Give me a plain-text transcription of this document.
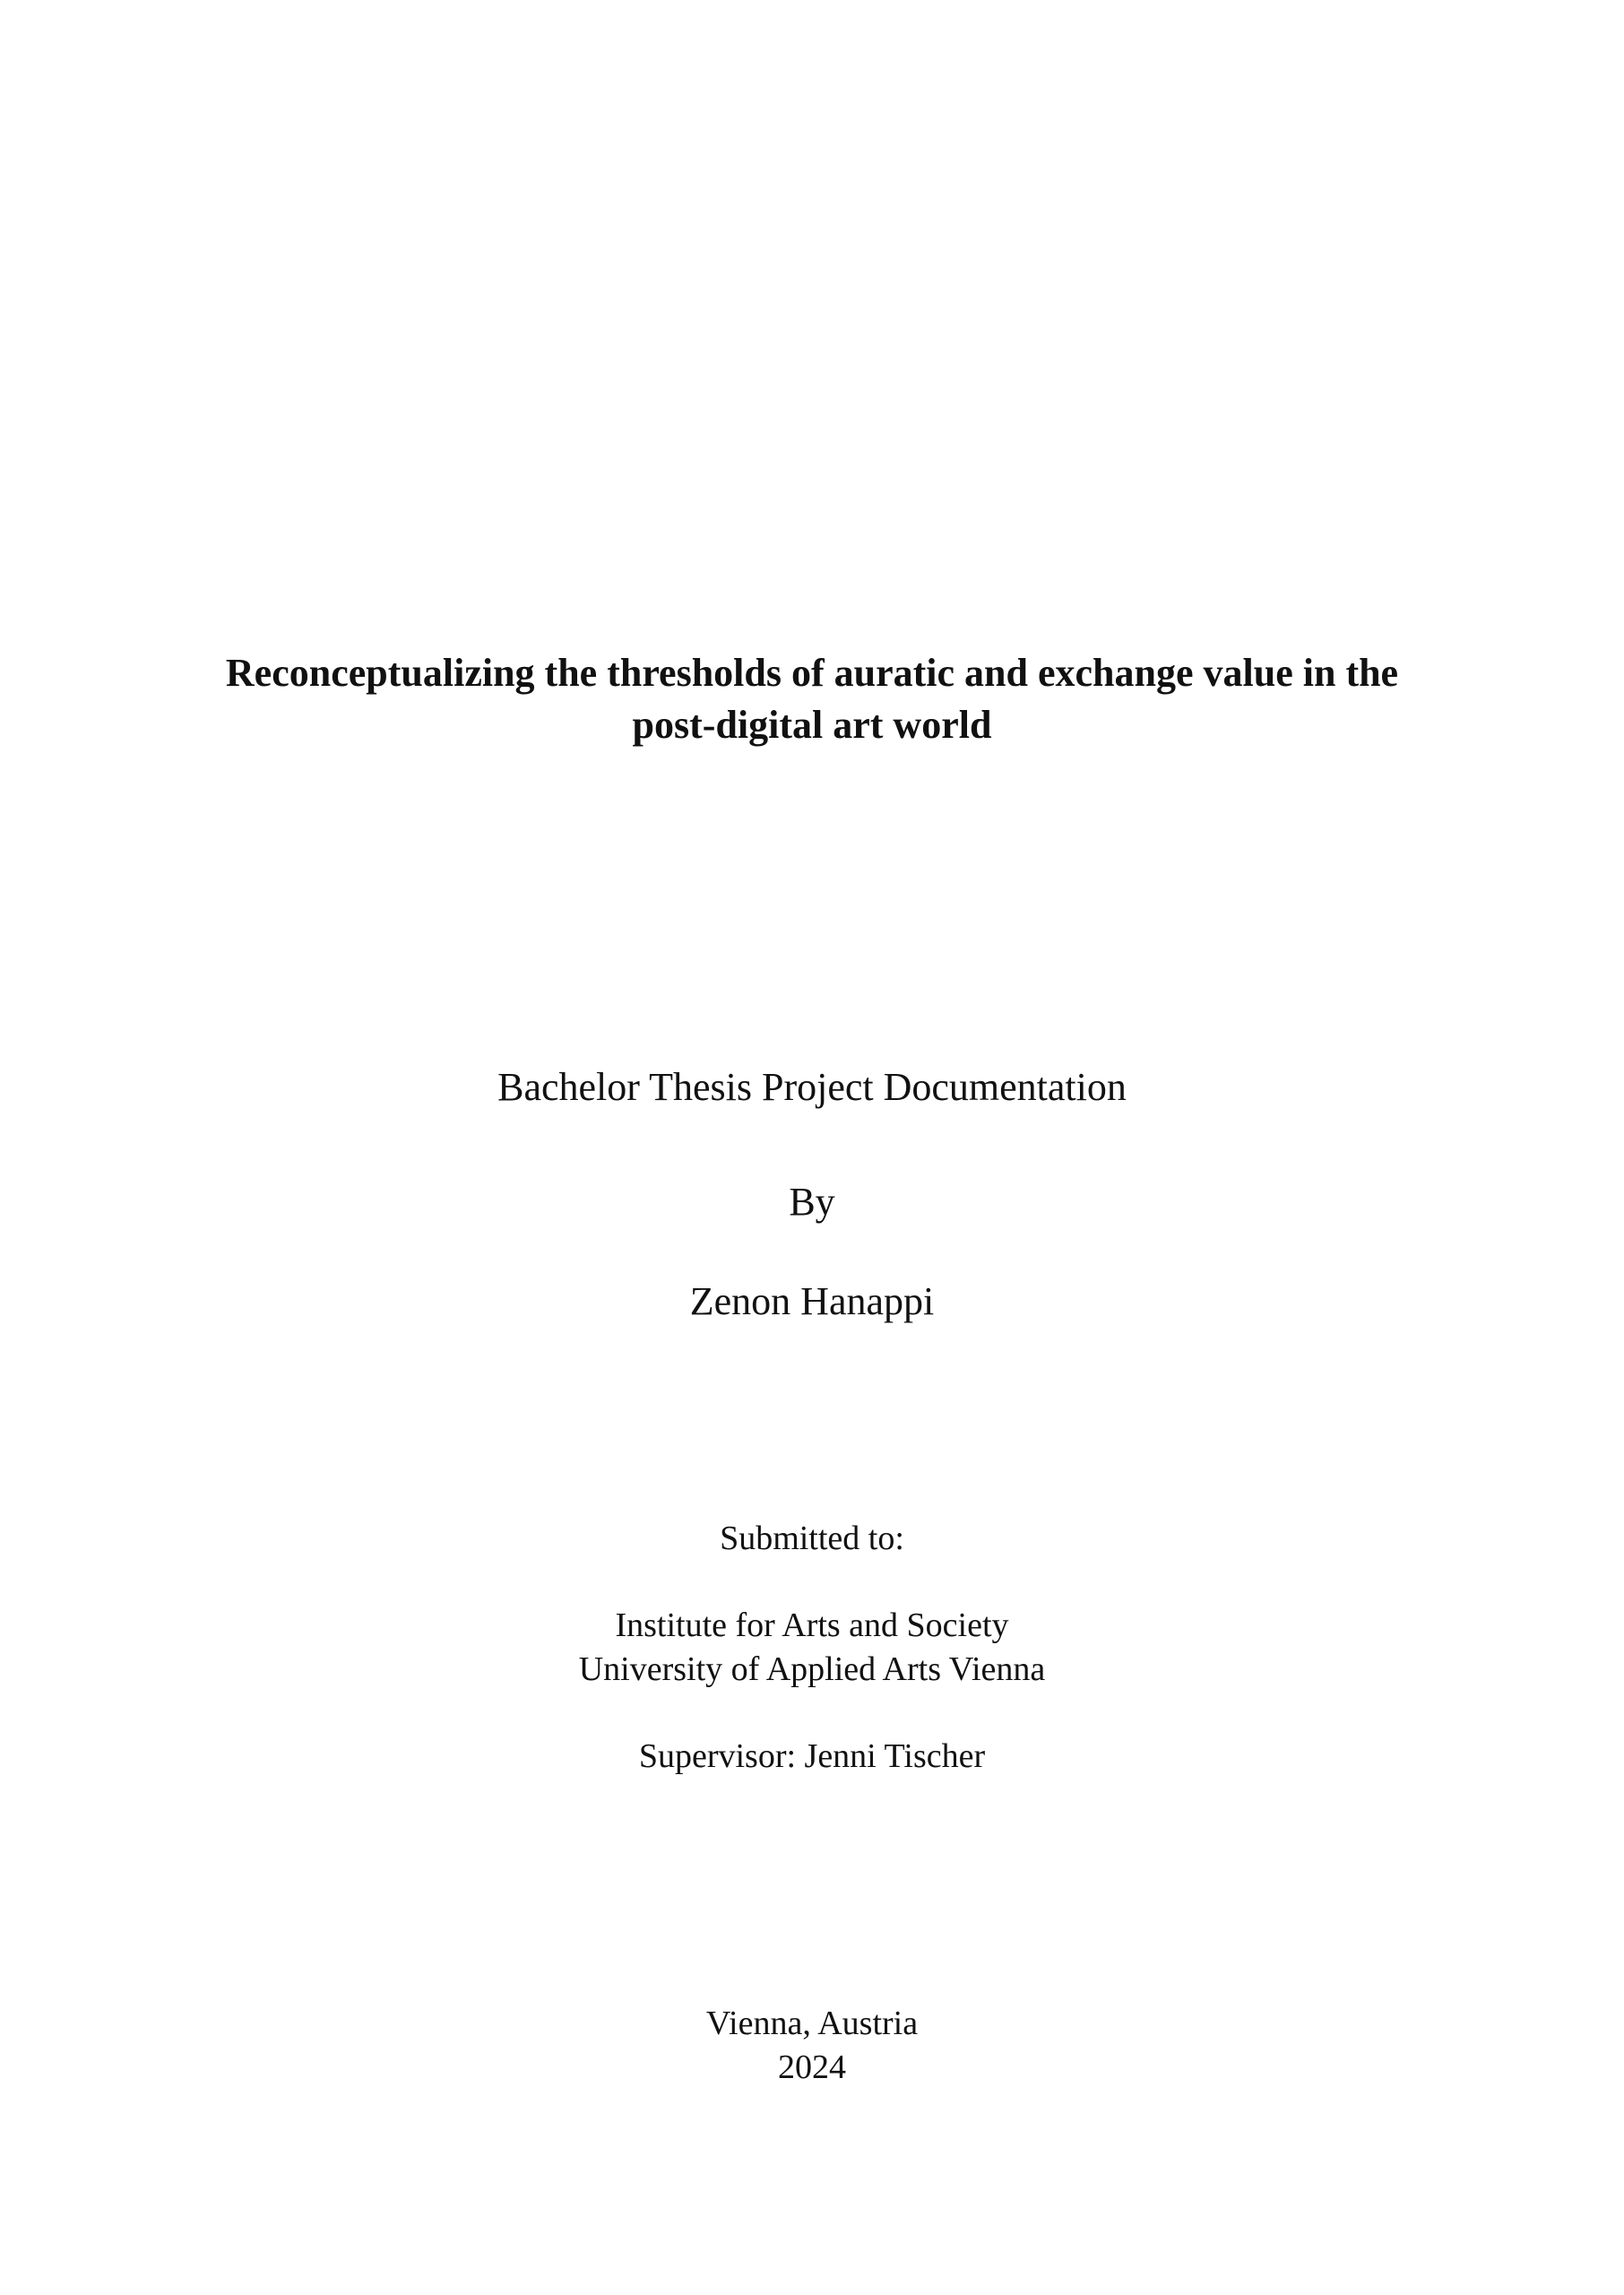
Reconceptualizing the thresholds of auratic and exchange value in the
post-digital art world
Bachelor Thesis Project Documentation
By
Zenon Hanappi
Submitted to:
Institute for Arts and Society
University of Applied Arts Vienna
Supervisor: Jenni Tischer
Vienna, Austria
2024
